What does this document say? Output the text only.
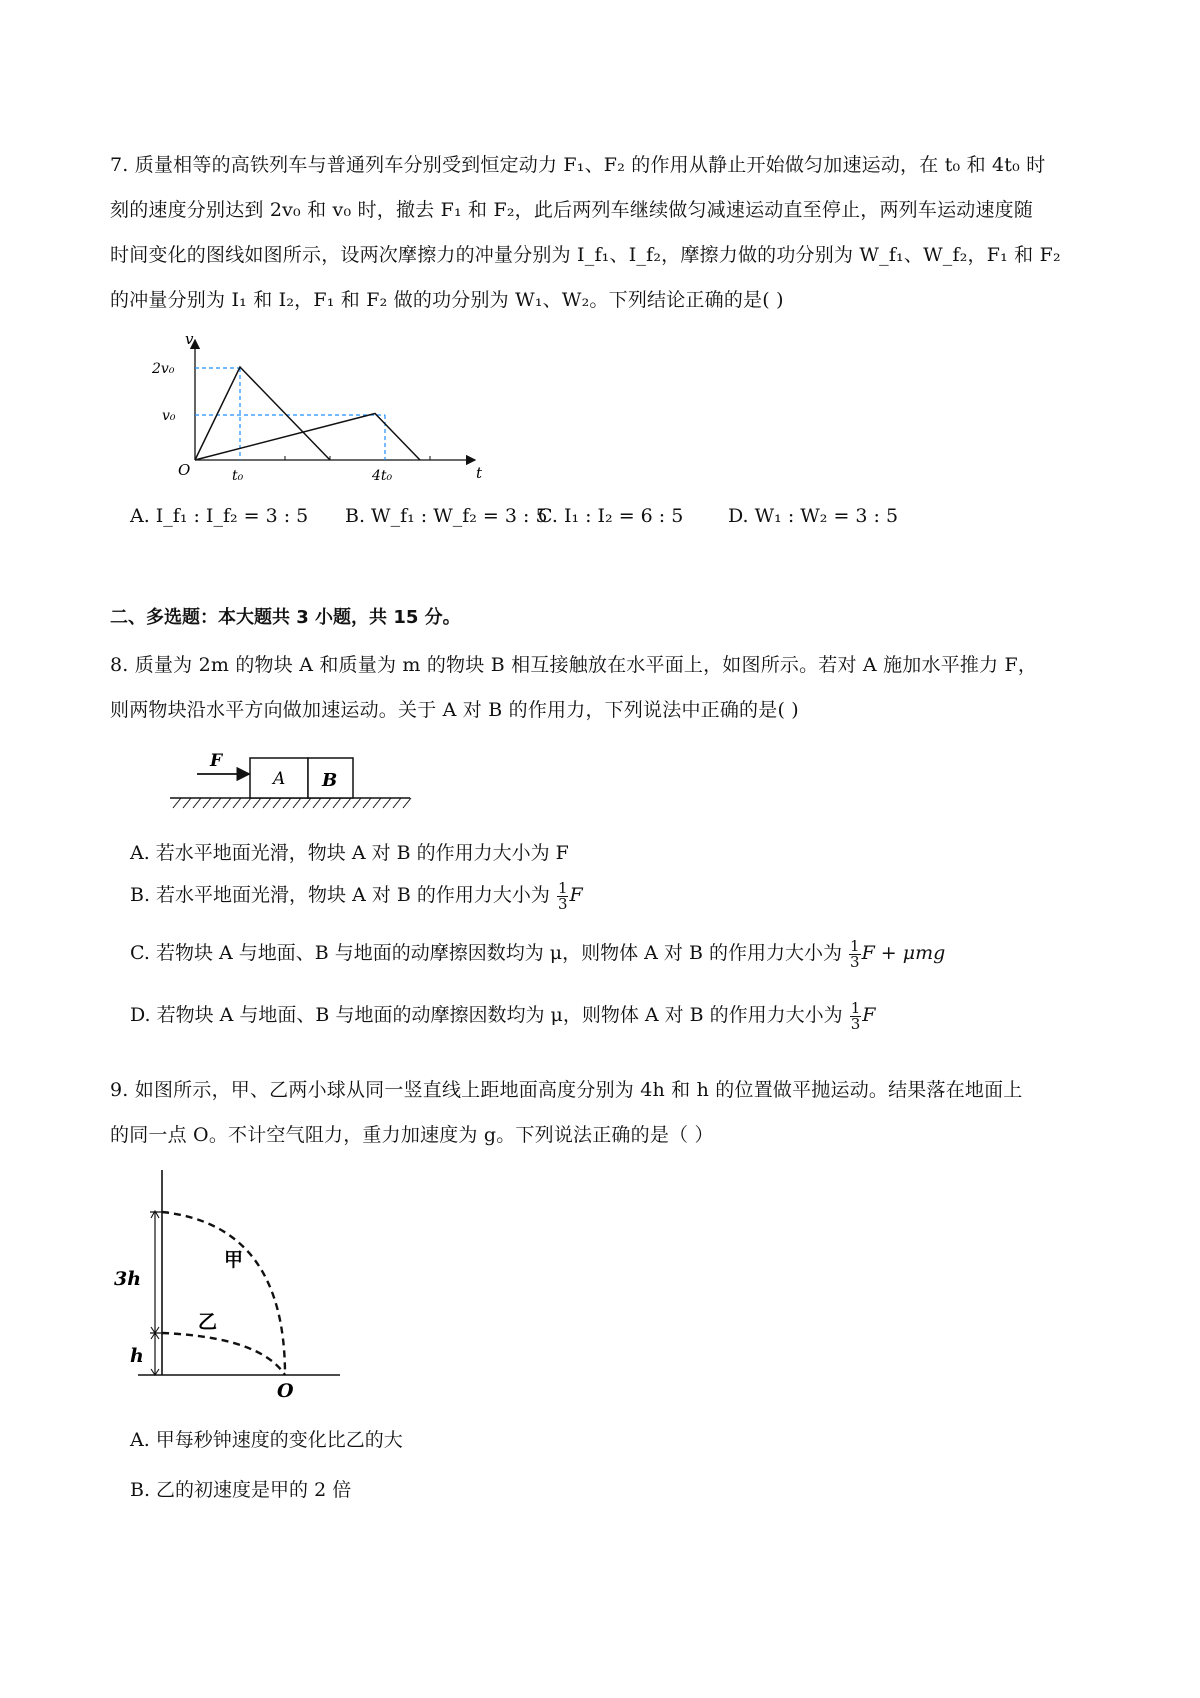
7. 质量相等的高铁列车与普通列车分别受到恒定动力 F₁、F₂ 的作用从静止开始做匀加速运动，在 t₀ 和 4t₀ 时
刻的速度分别达到 2v₀ 和 v₀ 时，撤去 F₁ 和 F₂，此后两列车继续做匀减速运动直至停止，两列车运动速度随
时间变化的图线如图所示，设两次摩擦力的冲量分别为 I_f₁、I_f₂，摩擦力做的功分别为 W_f₁、W_f₂，F₁ 和 F₂
的冲量分别为 I₁ 和 I₂，F₁ 和 F₂ 做的功分别为 W₁、W₂。下列结论正确的是( )
v
t
O
2v₀
v₀
t₀	4t₀
A. I_f₁ : I_f₂ = 3 : 5 B. W_f₁ : W_f₂ = 3 : 5
C. I₁ : I₂ = 6 : 5 D. W₁ : W₂ = 3 : 5
二、多选题：本大题共 3 小题，共 15 分。
8. 质量为 2m 的物块 A 和质量为 m 的物块 B 相互接触放在水平面上，如图所示。若对 A 施加水平推力 F，
则两物块沿水平方向做加速运动。关于 A 对 B 的作用力，下列说法中正确的是( )
F
A B
A. 若水平地面光滑，物块 A 对 B 的作用力大小为 F
B. 若水平地面光滑，物块 A 对 B 的作用力大小为 $\frac{1}{3}$ F
C. 若物块 A 与地面、B 与地面的动摩擦因数均为 μ，则物体 A 对 B 的作用力大小为 $\frac{1}{3}$ F + μmg
D. 若物块 A 与地面、B 与地面的动摩擦因数均为 μ，则物体 A 对 B 的作用力大小为 $\frac{1}{3}$ F
9. 如图所示，甲、乙两小球从同一竖直线上距地面高度分别为 4h 和 h 的位置做平抛运动。结果落在地面上
的同一点 O。不计空气阻力，重力加速度为 g。下列说法正确的是（ ）
3h
h
甲
乙
O
A. 甲每秒钟速度的变化比乙的大
B. 乙的初速度是甲的 2 倍
